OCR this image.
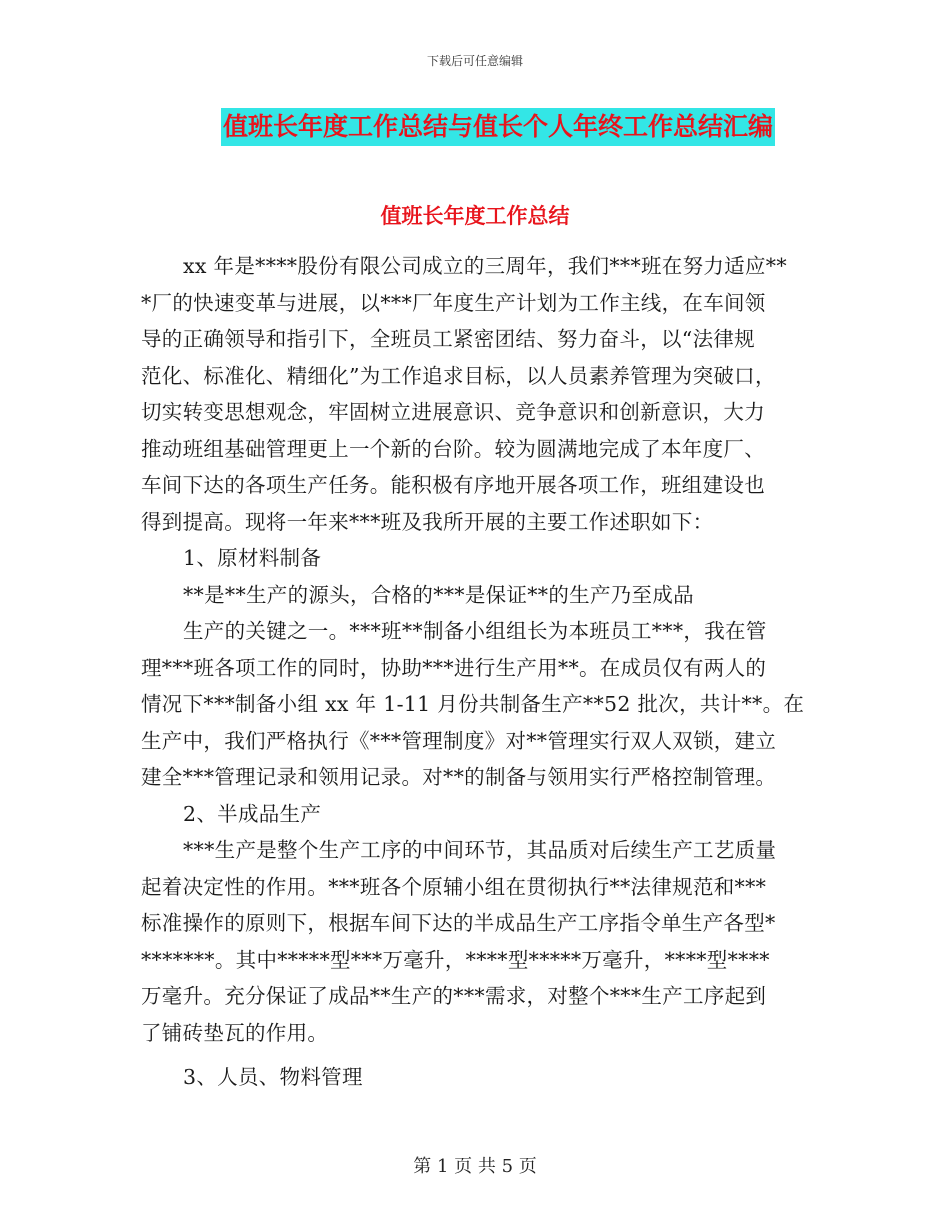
下载后可任意编辑
值班长年度工作总结与值长个人年终工作总结汇编
值班长年度工作总结

xx 年是****股份有限公司成立的三周年，我们***班在努力适应**

*厂的快速变革与进展，以***厂年度生产计划为工作主线，在车间领

导的正确领导和指引下，全班员工紧密团结、努力奋斗，以“法律规

范化、标准化、精细化”为工作追求目标，以人员素养管理为突破口，

切实转变思想观念，牢固树立进展意识、竞争意识和创新意识，大力

推动班组基础管理更上一个新的台阶。较为圆满地完成了本年度厂、

车间下达的各项生产任务。能积极有序地开展各项工作，班组建设也

得到提高。现将一年来***班及我所开展的主要工作述职如下：

1、原材料制备

**是**生产的源头，合格的***是保证**的生产乃至成品

生产的关键之一。***班**制备小组组长为本班员工***，我在管

理***班各项工作的同时，协助***进行生产用**。在成员仅有两人的

情况下***制备小组 xx 年 1-11 月份共制备生产**52 批次，共计**。在

生产中，我们严格执行《***管理制度》对**管理实行双人双锁，建立

建全***管理记录和领用记录。对**的制备与领用实行严格控制管理。

2、半成品生产

***生产是整个生产工序的中间环节，其品质对后续生产工艺质量

起着决定性的作用。***班各个原辅小组在贯彻执行**法律规范和***

标准操作的原则下，根据车间下达的半成品生产工序指令单生产各型*

*******。其中*****型***万毫升，****型*****万毫升，****型****

万毫升。充分保证了成品**生产的***需求，对整个***生产工序起到

了铺砖垫瓦的作用。

3、人员、物料管理

第 1 页 共 5 页
